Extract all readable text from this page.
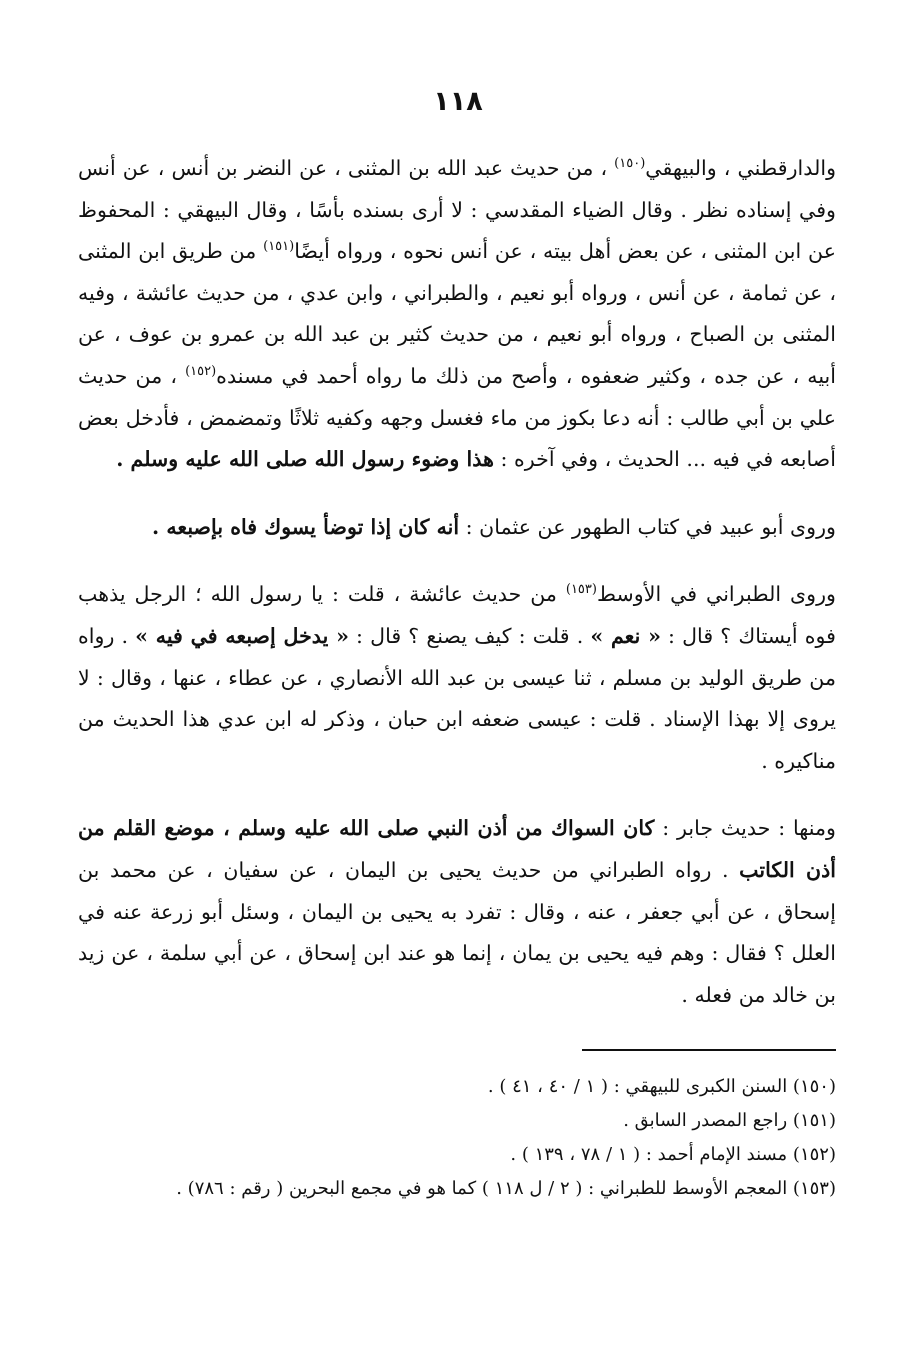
١١٨

والدارقطني ، والبيهقي$^{(١٥٠)}$ ، من حديث عبد الله بن المثنى ، عن النضر بن أنس ، عن أنس وفي إسناده نظر . وقال الضياء المقدسي : لا أرى بسنده بأسًا ، وقال البيهقي : المحفوظ عن ابن المثنى ، عن بعض أهل بيته ، عن أنس نحوه ، ورواه أيضًا$^{(١٥١)}$ من طريق ابن المثنى ، عن ثمامة ، عن أنس ، ورواه أبو نعيم ، والطبراني ، وابن عدي ، من حديث عائشة ، وفيه المثنى بن الصباح ، ورواه أبو نعيم ، من حديث كثير بن عبد الله بن عمرو بن عوف ، عن أبيه ، عن جده ، وكثير ضعفوه ، وأصح من ذلك ما رواه أحمد في مسنده$^{(١٥٢)}$ ، من حديث علي بن أبي طالب : أنه دعا بكوز من ماء فغسل وجهه وكفيه ثلاثًا وتمضمض ، فأدخل بعض أصابعه في فيه ... الحديث ، وفي آخره : هذا وضوء رسول الله صلى الله عليه وسلم .

وروى أبو عبيد في كتاب الطهور عن عثمان : أنه كان إذا توضأ يسوك فاه بإصبعه .

وروى الطبراني في الأوسط$^{(١٥٣)}$ من حديث عائشة ، قلت : يا رسول الله ؛ الرجل يذهب فوه أيستاك ؟ قال : « نعم » . قلت : كيف يصنع ؟ قال : « يدخل إصبعه في فيه » . رواه من طريق الوليد بن مسلم ، ثنا عيسى بن عبد الله الأنصاري ، عن عطاء ، عنها ، وقال : لا يروى إلا بهذا الإسناد . قلت : عيسى ضعفه ابن حبان ، وذكر له ابن عدي هذا الحديث من مناكيره .

ومنها : حديث جابر : كان السواك من أذن النبي صلى الله عليه وسلم ، موضع القلم من أذن الكاتب . رواه الطبراني من حديث يحيى بن اليمان ، عن سفيان ، عن محمد بن إسحاق ، عن أبي جعفر ، عنه ، وقال : تفرد به يحيى بن اليمان ، وسئل أبو زرعة عنه في العلل ؟ فقال : وهم فيه يحيى بن يمان ، إنما هو عند ابن إسحاق ، عن أبي سلمة ، عن زيد بن خالد من فعله .

(١٥٠) السنن الكبرى للبيهقي : ( ١ / ٤٠ ، ٤١ ) .

(١٥١) راجع المصدر السابق .

(١٥٢) مسند الإمام أحمد : ( ١ / ٧٨ ، ١٣٩ ) .

(١٥٣) المعجم الأوسط للطبراني : ( ٢ / ل ١١٨ ) كما هو في مجمع البحرين ( رقم : ٧٨٦) .
